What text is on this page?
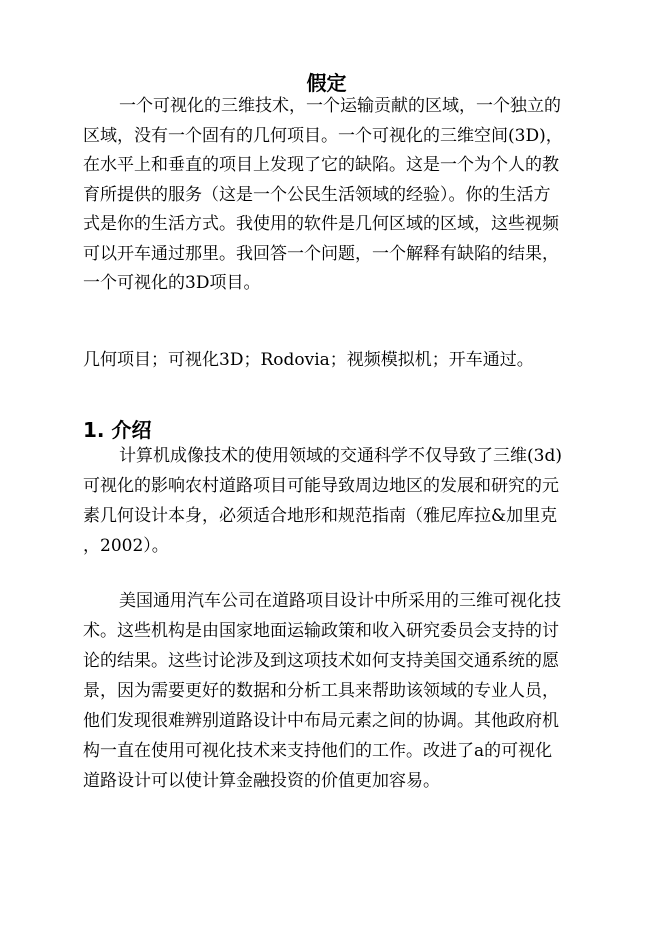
假定
一个可视化的三维技术，一个运输贡献的区域，一个独立的
区域，没有一个固有的几何项目。一个可视化的三维空间(3D)，
在水平上和垂直的项目上发现了它的缺陷。这是一个为个人的教
育所提供的服务（这是一个公民生活领域的经验）。你的生活方
式是你的生活方式。我使用的软件是几何区域的区域，这些视频
可以开车通过那里。我回答一个问题，一个解释有缺陷的结果，
一个可视化的3D项目。
几何项目；可视化3D；Rodovia；视频模拟机；开车通过。
1. 介绍
计算机成像技术的使用领域的交通科学不仅导致了三维(3d)
可视化的影响农村道路项目可能导致周边地区的发展和研究的元
素几何设计本身，必须适合地形和规范指南（雅尼库拉&加里克
，2002）。
美国通用汽车公司在道路项目设计中所采用的三维可视化技
术。这些机构是由国家地面运输政策和收入研究委员会支持的讨
论的结果。这些讨论涉及到这项技术如何支持美国交通系统的愿
景，因为需要更好的数据和分析工具来帮助该领域的专业人员，
他们发现很难辨别道路设计中布局元素之间的协调。其他政府机
构一直在使用可视化技术来支持他们的工作。改进了a的可视化
道路设计可以使计算金融投资的价值更加容易。
